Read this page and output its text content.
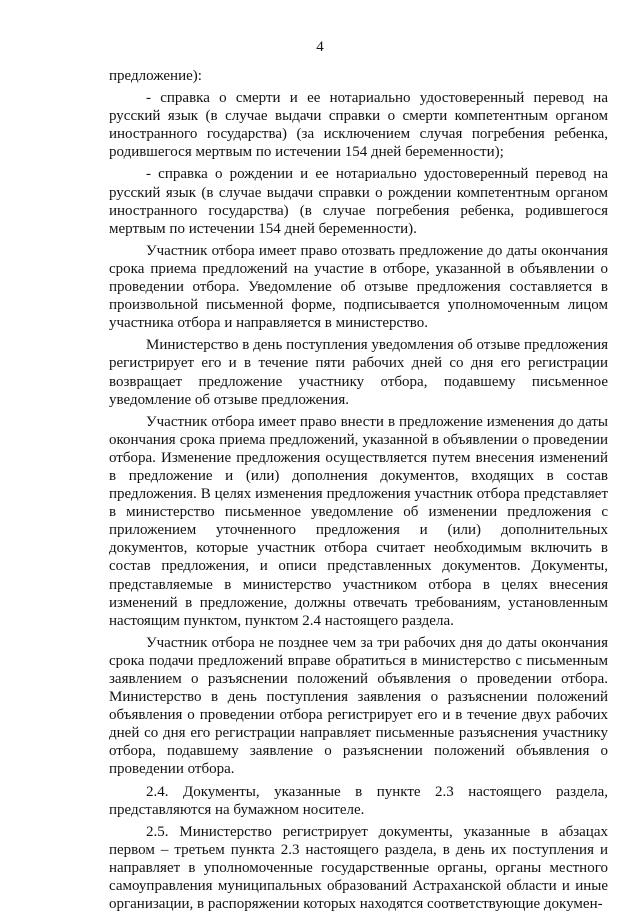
4

предложение):

- справка о смерти и ее нотариально удостоверенный перевод на русский язык (в случае выдачи справки о смерти компетентным органом иностранного государства) (за исключением случая погребения ребенка, родившегося мертвым по истечении 154 дней беременности);

- справка о рождении и ее нотариально удостоверенный перевод на русский язык (в случае выдачи справки о рождении компетентным органом иностранного государства) (в случае погребения ребенка, родившегося мертвым по истечении 154 дней беременности).

Участник отбора имеет право отозвать предложение до даты окончания срока приема предложений на участие в отборе, указанной в объявлении о проведении отбора. Уведомление об отзыве предложения составляется в произвольной письменной форме, подписывается уполномоченным лицом участника отбора и направляется в министерство.

Министерство в день поступления уведомления об отзыве предложения регистрирует его и в течение пяти рабочих дней со дня его регистрации возвращает предложение участнику отбора, подавшему письменное уведомление об отзыве предложения.

Участник отбора имеет право внести в предложение изменения до даты окончания срока приема предложений, указанной в объявлении о проведении отбора. Изменение предложения осуществляется путем внесения изменений в предложение и (или) дополнения документов, входящих в состав предложения. В целях изменения предложения участник отбора представляет в министерство письменное уведомление об изменении предложения с приложением уточненного предложения и (или) дополнительных документов, которые участник отбора считает необходимым включить в состав предложения, и описи представленных документов. Документы, представляемые в министерство участником отбора в целях внесения изменений в предложение, должны отвечать требованиям, установленным настоящим пунктом, пунктом 2.4 настоящего раздела.

Участник отбора не позднее чем за три рабочих дня до даты окончания срока подачи предложений вправе обратиться в министерство с письменным заявлением о разъяснении положений объявления о проведении отбора. Министерство в день поступления заявления о разъяснении положений объявления о проведении отбора регистрирует его и в течение двух рабочих дней со дня его регистрации направляет письменные разъяснения участнику отбора, подавшему заявление о разъяснении положений объявления о проведении отбора.

2.4. Документы, указанные в пункте 2.3 настоящего раздела, представляются на бумажном носителе.

2.5. Министерство регистрирует документы, указанные в абзацах первом – третьем пункта 2.3 настоящего раздела, в день их поступления и направляет в уполномоченные государственные органы, органы местного самоуправления муниципальных образований Астраханской области и иные организации, в распоряжении которых находятся соответствующие докумен-
